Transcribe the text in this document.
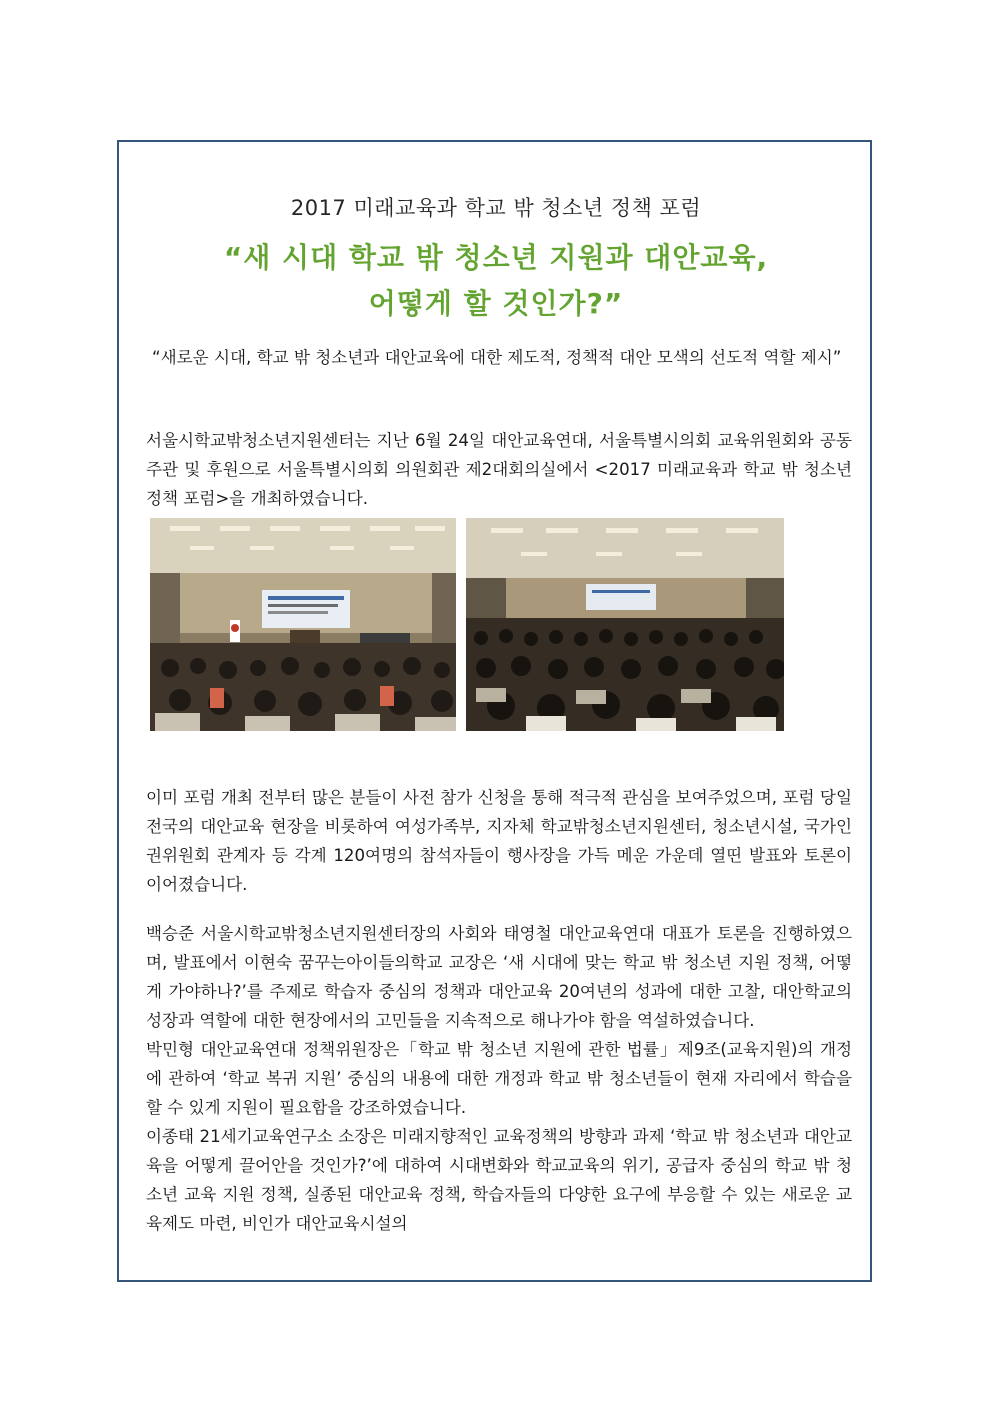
2017 미래교육과 학교 밖 청소년 정책 포럼
“새 시대 학교 밖 청소년 지원과 대안교육,
어떻게 할 것인가?”

“새로운 시대, 학교 밖 청소년과 대안교육에 대한 제도적, 정책적 대안 모색의 선도적 역할 제시”

서울시학교밖청소년지원센터는 지난 6월 24일 대안교육연대, 서울특별시의회 교육위원회와 공동 주관 및 후원으로 서울특별시의회 의원회관 제2대회의실에서 <2017 미래교육과 학교 밖 청소년 정책 포럼>을 개최하였습니다.

이미 포럼 개최 전부터 많은 분들이 사전 참가 신청을 통해 적극적 관심을 보여주었으며, 포럼 당일 전국의 대안교육 현장을 비롯하여 여성가족부, 지자체 학교밖청소년지원센터, 청소년시설, 국가인권위원회 관계자 등 각계 120여명의 참석자들이 행사장을 가득 메운 가운데 열띤 발표와 토론이 이어졌습니다.

백승준 서울시학교밖청소년지원센터장의 사회와 태영철 대안교육연대 대표가 토론을 진행하였으며, 발표에서 이현숙 꿈꾸는아이들의학교 교장은 ‘새 시대에 맞는 학교 밖 청소년 지원 정책, 어떻게 가야하나?’를 주제로 학습자 중심의 정책과 대안교육 20여년의 성과에 대한 고찰, 대안학교의 성장과 역할에 대한 현장에서의 고민들을 지속적으로 해나가야 함을 역설하였습니다.
박민형 대안교육연대 정책위원장은「학교 밖 청소년 지원에 관한 법률」제9조(교육지원)의 개정에 관하여 ‘학교 복귀 지원’ 중심의 내용에 대한 개정과 학교 밖 청소년들이 현재 자리에서 학습을 할 수 있게 지원이 필요함을 강조하였습니다.
이종태 21세기교육연구소 소장은 미래지향적인 교육정책의 방향과 과제 ‘학교 밖 청소년과 대안교육을 어떻게 끌어안을 것인가?’에 대하여 시대변화와 학교교육의 위기, 공급자 중심의 학교 밖 청소년 교육 지원 정책, 실종된 대안교육 정책, 학습자들의 다양한 요구에 부응할 수 있는 새로운 교육제도 마련, 비인가 대안교육시설의
